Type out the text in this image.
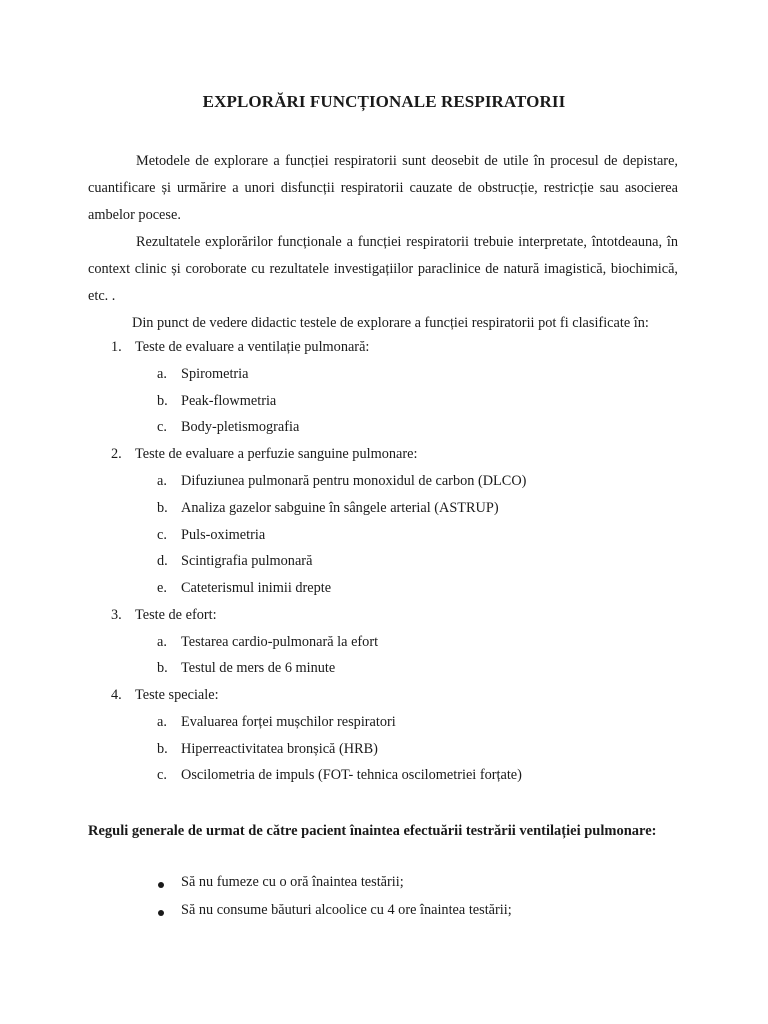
EXPLORĂRI FUNCȚIONALE RESPIRATORII
Metodele de explorare a funcției respiratorii sunt deosebit de utile în procesul de depistare, cuantificare și urmărire a unori disfuncții respiratorii cauzate de obstrucție, restricție sau asocierea ambelor pocese.
Rezultatele explorărilor funcționale a funcției respiratorii trebuie interpretate, întotdeauna, în context clinic și coroborate cu rezultatele investigațiilor paraclinice de natură imagistică, biochimică, etc. .
Din punct de vedere didactic testele de explorare a funcției respiratorii pot fi clasificate în:
1. Teste de evaluare a ventilație pulmonară:
a. Spirometria
b. Peak-flowmetria
c. Body-pletismografia
2. Teste de evaluare a perfuzie sanguine pulmonare:
a. Difuziunea pulmonară pentru monoxidul de carbon (DLCO)
b. Analiza gazelor sabguine în sângele arterial (ASTRUP)
c. Puls-oximetria
d. Scintigrafia pulmonară
e. Cateterismul inimii drepte
3. Teste de efort:
a. Testarea cardio-pulmonară la efort
b. Testul de mers de 6 minute
4. Teste speciale:
a. Evaluarea forței mușchilor respiratori
b. Hiperreactivitatea bronșică (HRB)
c. Oscilometria de impuls (FOT- tehnica oscilometriei forțate)
Reguli generale de urmat de către pacient înaintea efectuării testrării ventilației pulmonare:
Să nu fumeze cu o oră înaintea testării;
Să nu consume băuturi alcoolice cu 4 ore înaintea testării;
